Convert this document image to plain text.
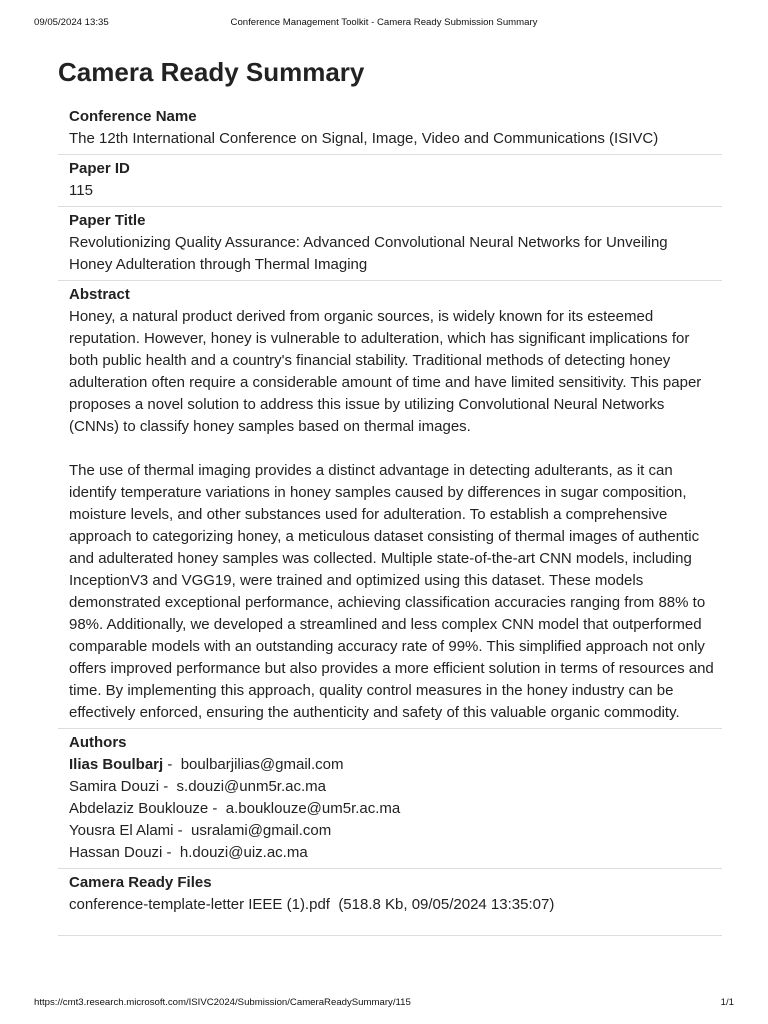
09/05/2024 13:35	Conference Management Toolkit - Camera Ready Submission Summary
Camera Ready Summary
Conference Name
The 12th International Conference on Signal, Image, Video and Communications (ISIVC)
Paper ID
115
Paper Title
Revolutionizing Quality Assurance: Advanced Convolutional Neural Networks for Unveiling Honey Adulteration through Thermal Imaging
Abstract

Honey, a natural product derived from organic sources, is widely known for its esteemed reputation. However, honey is vulnerable to adulteration, which has significant implications for both public health and a country's financial stability. Traditional methods of detecting honey adulteration often require a considerable amount of time and have limited sensitivity. This paper proposes a novel solution to address this issue by utilizing Convolutional Neural Networks (CNNs) to classify honey samples based on thermal images.

The use of thermal imaging provides a distinct advantage in detecting adulterants, as it can identify temperature variations in honey samples caused by differences in sugar composition, moisture levels, and other substances used for adulteration. To establish a comprehensive approach to categorizing honey, a meticulous dataset consisting of thermal images of authentic and adulterated honey samples was collected. Multiple state-of-the-art CNN models, including InceptionV3 and VGG19, were trained and optimized using this dataset. These models demonstrated exceptional performance, achieving classification accuracies ranging from 88% to 98%. Additionally, we developed a streamlined and less complex CNN model that outperformed comparable models with an outstanding accuracy rate of 99%. This simplified approach not only offers improved performance but also provides a more efficient solution in terms of resources and time. By implementing this approach, quality control measures in the honey industry can be effectively enforced, ensuring the authenticity and safety of this valuable organic commodity.

Authors
Ilias Boulbarj -  boulbarjilias@gmail.com
Samira Douzi -  s.douzi@unm5r.ac.ma
Abdelaziz Bouklouze -  a.bouklouze@um5r.ac.ma
Yousra El Alami -  usralami@gmail.com
Hassan Douzi -  h.douzi@uiz.ac.ma
Camera Ready Files
conference-template-letter IEEE (1).pdf (518.8 Kb, 09/05/2024 13:35:07)
https://cmt3.research.microsoft.com/ISIVC2024/Submission/CameraReadySummary/115	1/1
